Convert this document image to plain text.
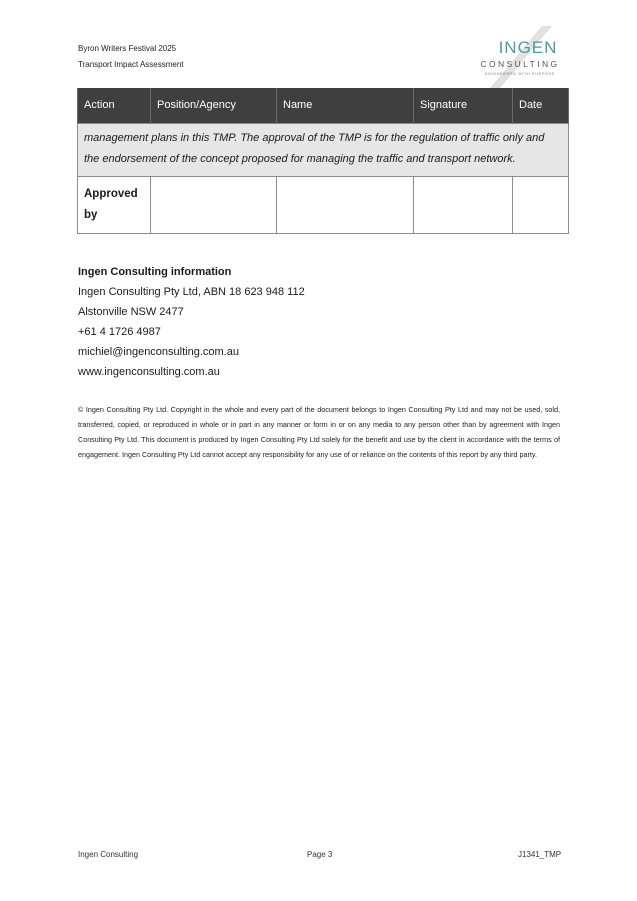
Byron Writers Festival 2025
Transport Impact Assessment
INGEN
CONSULTING
ENGINEERED WITH PURPOSE
Action	Position/Agency	Name	Signature	Date
management plans in this TMP. The approval of the TMP is for the regulation of traffic only and the endorsement of the concept proposed for managing the traffic and transport network.				

Approved by				

Ingen Consulting information
Ingen Consulting Pty Ltd, ABN 18 623 948 112
Alstonville NSW 2477
+61 4 1726 4987
michiel@ingenconsulting.com.au
www.ingenconsulting.com.au
© Ingen Consulting Pty Ltd. Copyright in the whole and every part of the document belongs to Ingen Consulting Pty Ltd and may not be used, sold, transferred, copied, or reproduced in whole or in part in any manner or form in or on any media to any person other than by agreement with Ingen Consulting Pty Ltd. This document is produced by Ingen Consulting Pty Ltd solely for the benefit and use by the client in accordance with the terms of engagement. Ingen Consulting Pty Ltd cannot accept any responsibility for any use of or reliance on the contents of this report by any third party.
Ingen Consulting	Page 3	J1341_TMP
